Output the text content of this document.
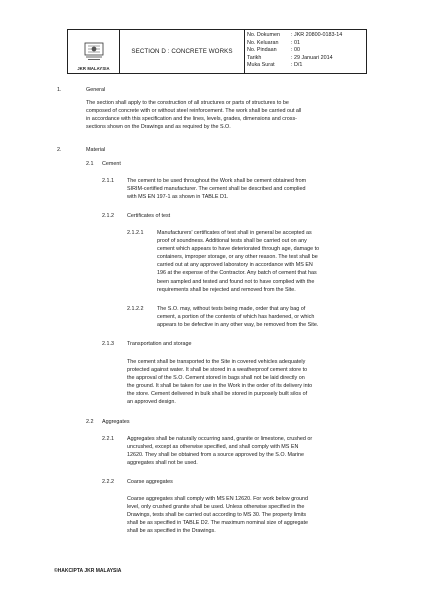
JKR MALAYSIA
SECTION D : CONCRETE WORKS
No. Dokumen	: JKR 20800-0183-14
No. Keluaran	: 01
No. Pindaan	: 00
Tarikh	: 29 Januari 2014
Muka Surat	: D/1
1.	General
The section shall apply to the construction of all structures or parts of structures to be
composed of concrete with or without steel reinforcement. The work shall be carried out all
in accordance with this specification and the lines, levels, grades, dimensions and cross-
sections shown on the Drawings and as required by the S.O.
2.	Material
2.1 Cement
2.1.1 The cement to be used throughout the Work shall be cement obtained from
SIRIM-certified manufacturer. The cement shall be described and complied
with MS EN 197-1 as shown in TABLE D1.
2.1.2 Certificates of test
2.1.2.1	Manufacturers' certificates of test shall in general be accepted as
proof of soundness. Additional tests shall be carried out on any
cement which appears to have deteriorated through age, damage to
containers, improper storage, or any other reason. The test shall be
carried out at any approved laboratory in accordance with MS EN
196 at the expense of the Contractor. Any batch of cement that has
been sampled and tested and found not to have complied with the
requirements shall be rejected and removed from the Site.
2.1.2.2	The S.O. may, without tests being made, order that any bag of
cement, a portion of the contents of which has hardened, or which
appears to be defective in any other way, be removed from the Site.
2.1.3 Transportation and storage
The cement shall be transported to the Site in covered vehicles adequately
protected against water. It shall be stored in a weatherproof cement store to
the approval of the S.O. Cement stored in bags shall not be laid directly on
the ground. It shall be taken for use in the Work in the order of its delivery into
the store. Cement delivered in bulk shall be stored in purposely built silos of
an approved design.
2.2 Aggregates
2.2.1 Aggregates shall be naturally occurring sand, granite or limestone, crushed or
uncrushed, except as otherwise specified, and shall comply with MS EN
12620. They shall be obtained from a source approved by the S.O. Marine
aggregates shall not be used.
2.2.2 Coarse aggregates
Coarse aggregates shall comply with MS EN 12620. For work below ground
level, only crushed granite shall be used. Unless otherwise specified in the
Drawings, tests shall be carried out according to MS 30. The property limits
shall be as specified in TABLE D2. The maximum nominal size of aggregate
shall be as specified in the Drawings.
©HAKCIPTA JKR MALAYSIA
